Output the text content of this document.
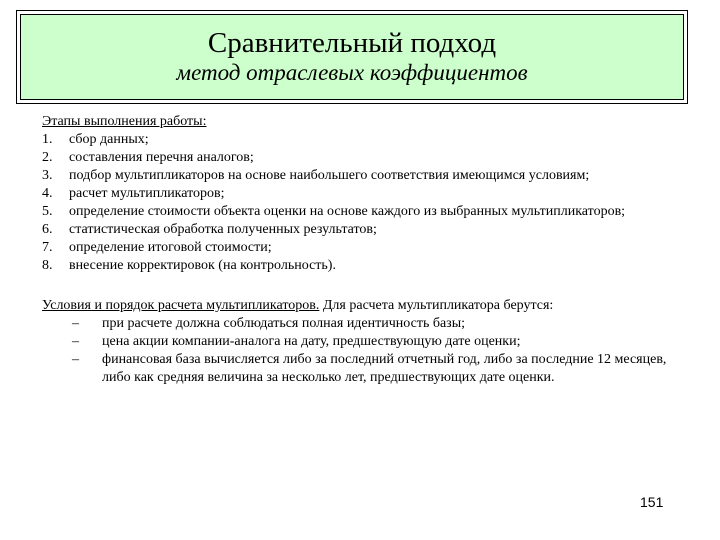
Сравнительный подход
метод отраслевых коэффициентов
Этапы выполнения работы:
1.	сбор данных;
2.	составления перечня аналогов;
3.	подбор мультипликаторов на основе наибольшего соответствия имеющимся условиям;
4.	расчет мультипликаторов;
5.	определение стоимости объекта оценки на основе каждого из выбранных мультипликаторов;
6.	статистическая обработка полученных результатов;
7.	определение итоговой стоимости;
8.	внесение корректировок (на контрольность).
Условия и порядок расчета мультипликаторов. Для расчета мультипликатора берутся:
–	при расчете должна соблюдаться полная идентичность базы;
–	цена акции компании-аналога на дату, предшествующую дате оценки;
–	финансовая база вычисляется либо за последний отчетный год, либо за последние 12 месяцев, либо как средняя величина за несколько лет, предшествующих дате оценки.
151
